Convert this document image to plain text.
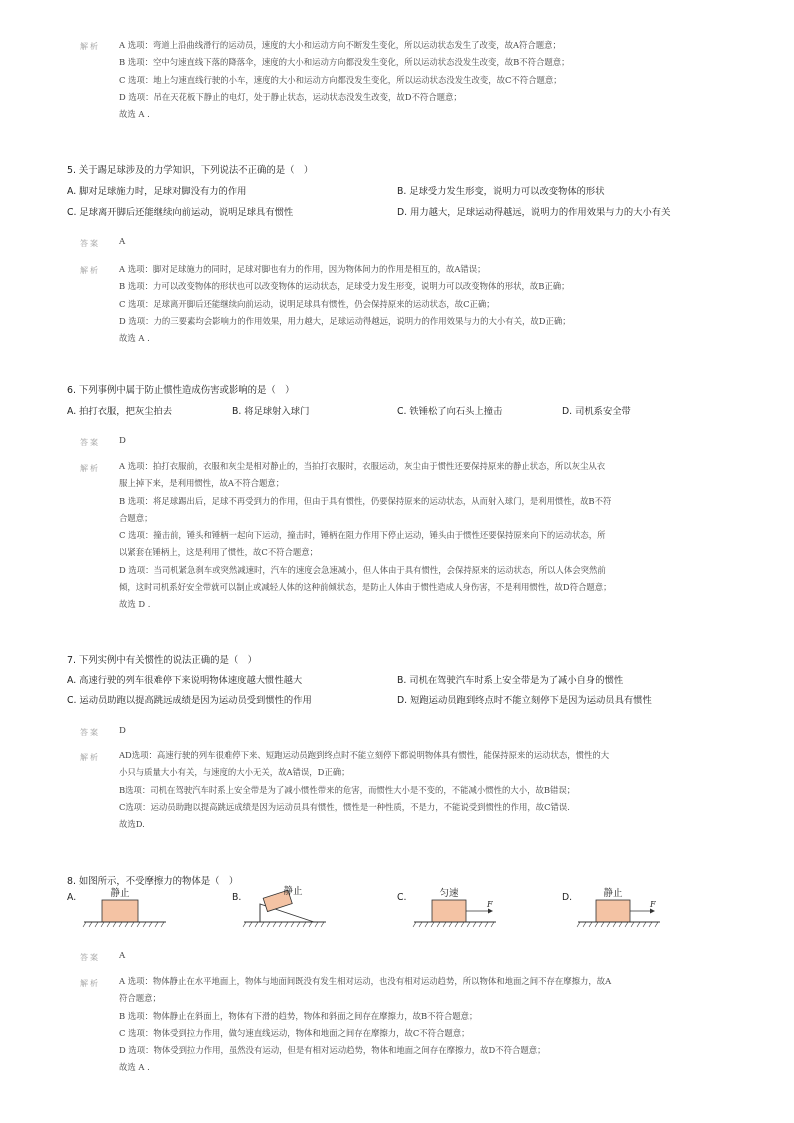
解析 A 选项：弯道上沿曲线滑行的运动员，速度的大小和运动方向不断发生变化，所以运动状态发生了改变，故A符合题意；
B 选项：空中匀速直线下落的降落伞，速度的大小和运动方向都没发生变化，所以运动状态没发生改变，故B不符合题意；
C 选项：地上匀速直线行驶的小车，速度的大小和运动方向都没发生变化，所以运动状态没发生改变，故C不符合题意；
D 选项：吊在天花板下静止的电灯，处于静止状态，运动状态没发生改变，故D不符合题意；
故选 A .
5. 关于踢足球涉及的力学知识，下列说法不正确的是（　）
A. 脚对足球施力时，足球对脚没有力的作用	B. 足球受力发生形变，说明力可以改变物体的形状
C. 足球离开脚后还能继续向前运动，说明足球具有惯性	D. 用力越大，足球运动得越远，说明力的作用效果与力的大小有关
答案 A
解析 A 选项：脚对足球施力的同时，足球对脚也有力的作用，因为物体间力的作用是相互的，故A错误；
B 选项：力可以改变物体的形状也可以改变物体的运动状态，足球受力发生形变，说明力可以改变物体的形状，故B正确；
C 选项：足球离开脚后还能继续向前运动，说明足球具有惯性，仍会保持原来的运动状态，故C正确；
D 选项：力的三要素均会影响力的作用效果，用力越大，足球运动得越远，说明力的作用效果与力的大小有关，故D正确；
故选 A .
6. 下列事例中属于防止惯性造成伤害或影响的是（　）
A. 拍打衣服，把灰尘拍去	B. 将足球射入球门	C. 铁锤松了向石头上撞击	D. 司机系安全带
答案 D
解析 A 选项：拍打衣服前，衣服和灰尘是相对静止的，当拍打衣服时，衣服运动，灰尘由于惯性还要保持原来的静止状态，所以灰尘从衣
服上掉下来，是利用惯性，故A不符合题意；
B 选项：将足球踢出后，足球不再受到力的作用，但由于具有惯性，仍要保持原来的运动状态，从而射入球门，是利用惯性，故B不符
合题意；
C 选项：撞击前，锤头和锤柄一起向下运动，撞击时，锤柄在阻力作用下停止运动，锤头由于惯性还要保持原来向下的运动状态，所
以紧套在锤柄上，这是利用了惯性，故C不符合题意；
D 选项：当司机紧急刹车或突然减速时，汽车的速度会急速减小，但人体由于具有惯性，会保持原来的运动状态，所以人体会突然前
倾，这时司机系好安全带就可以制止或减轻人体的这种前倾状态，是防止人体由于惯性造成人身伤害，不是利用惯性，故D符合题意；
故选 D .
7. 下列实例中有关惯性的说法正确的是（　）
A. 高速行驶的列车很难停下来说明物体速度越大惯性越大	B. 司机在驾驶汽车时系上安全带是为了减小自身的惯性
C. 运动员助跑以提高跳远成绩是因为运动员受到惯性的作用	D. 短跑运动员跑到终点时不能立刻停下是因为运动员具有惯性
答案 D
解析 AD选项：高速行驶的列车很难停下来、短跑运动员跑到终点时不能立刻停下都说明物体具有惯性，能保持原来的运动状态，惯性的大
小只与质量大小有关，与速度的大小无关，故A错误，D正确；
B选项：司机在驾驶汽车时系上安全带是为了减小惯性带来的危害，而惯性大小是不变的，不能减小惯性的大小，故B错误；
C选项：运动员助跑以提高跳远成绩是因为运动员具有惯性，惯性是一种性质，不是力，不能说受到惯性的作用，故C错误．
故选D.
8. 如图所示，不受摩擦力的物体是（　）
A.	静止	B.
静止
C.
F
匀速	D.
F
静止
答案 A
解析 A 选项：物体静止在水平地面上，物体与地面间既没有发生相对运动，也没有相对运动趋势，所以物体和地面之间不存在摩擦力，故A
符合题意；
B 选项：物体静止在斜面上，物体有下滑的趋势，物体和斜面之间存在摩擦力，故B不符合题意；
C 选项：物体受到拉力作用，做匀速直线运动，物体和地面之间存在摩擦力，故C不符合题意；
D 选项：物体受到拉力作用，虽然没有运动，但是有相对运动趋势，物体和地面之间存在摩擦力，故D不符合题意；
故选 A .
